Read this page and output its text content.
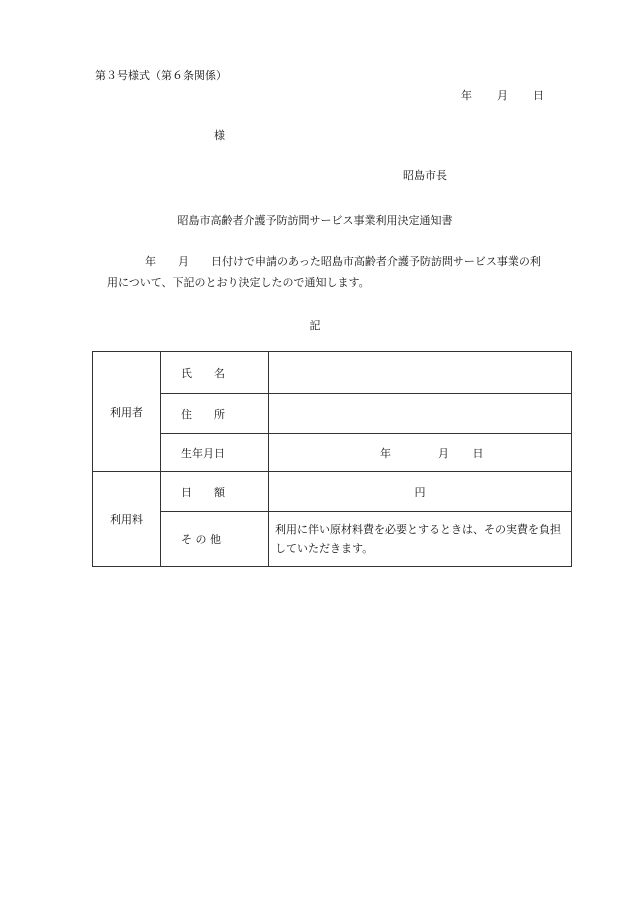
第３号様式（第６条関係）
年 月 日
様
昭島市長
昭島市高齢者介護予防訪問サービス事業利用決定通知書
年　　月　　日付けで申請のあった昭島市高齢者介護予防訪問サービス事業の利
用について、下記のとおり決定したので通知します。
記
利用者	氏　　名	
	住　　所	
	生年月日	年 月 日
利用料	日　　額	円
	そ の 他	利用に伴い原材料費を必要とするときは、その実費を負担していただきます。
